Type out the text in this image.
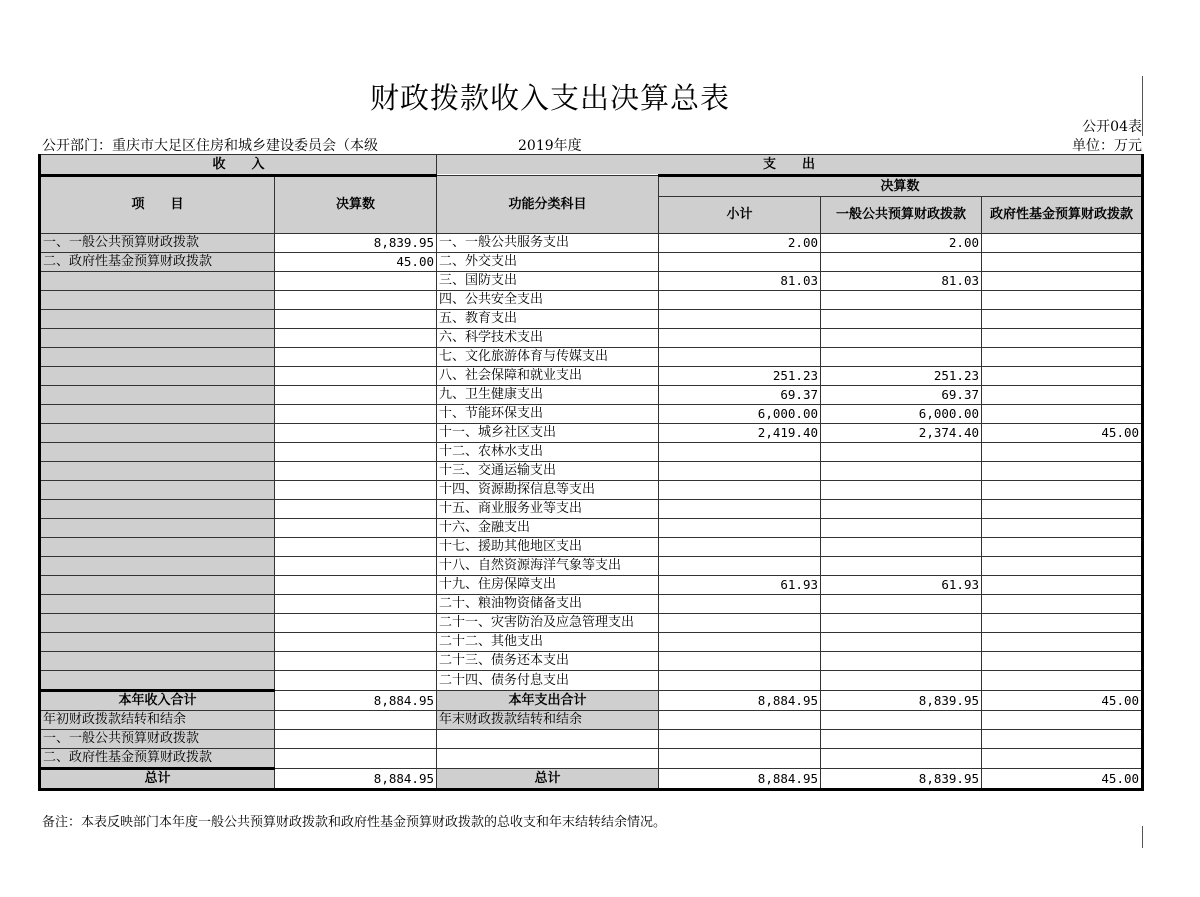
财政拨款收入支出决算总表
公开04表
公开部门：重庆市大足区住房和城乡建设委员会（本级	2019年度	单位：万元
收　　入		支　　出			
项　　目	决算数	功能分类科目	决算数		
			小计	一般公共预算财政拨款	政府性基金预算财政拨款
一、一般公共预算财政拨款	8,839.95	一、一般公共服务支出	2.00	2.00	
二、政府性基金预算财政拨款	45.00	二、外交支出			
		三、国防支出	81.03	81.03	
		四、公共安全支出			
		五、教育支出			
		六、科学技术支出			
		七、文化旅游体育与传媒支出			
		八、社会保障和就业支出	251.23	251.23	
		九、卫生健康支出	69.37	69.37	
		十、节能环保支出	6,000.00	6,000.00	
		十一、城乡社区支出	2,419.40	2,374.40	45.00
		十二、农林水支出			
		十三、交通运输支出			
		十四、资源勘探信息等支出			
		十五、商业服务业等支出			
		十六、金融支出			
		十七、援助其他地区支出			
		十八、自然资源海洋气象等支出			
		十九、住房保障支出	61.93	61.93	
		二十、粮油物资储备支出			
		二十一、灾害防治及应急管理支出			
		二十二、其他支出			
		二十三、债务还本支出			
		二十四、债务付息支出			
本年收入合计	8,884.95	本年支出合计	8,884.95	8,839.95	45.00
年初财政拨款结转和结余		年末财政拨款结转和结余			
一、一般公共预算财政拨款					
二、政府性基金预算财政拨款					
总计	8,884.95	总计	8,884.95	8,839.95	45.00
备注：本表反映部门本年度一般公共预算财政拨款和政府性基金预算财政拨款的总收支和年末结转结余情况。
